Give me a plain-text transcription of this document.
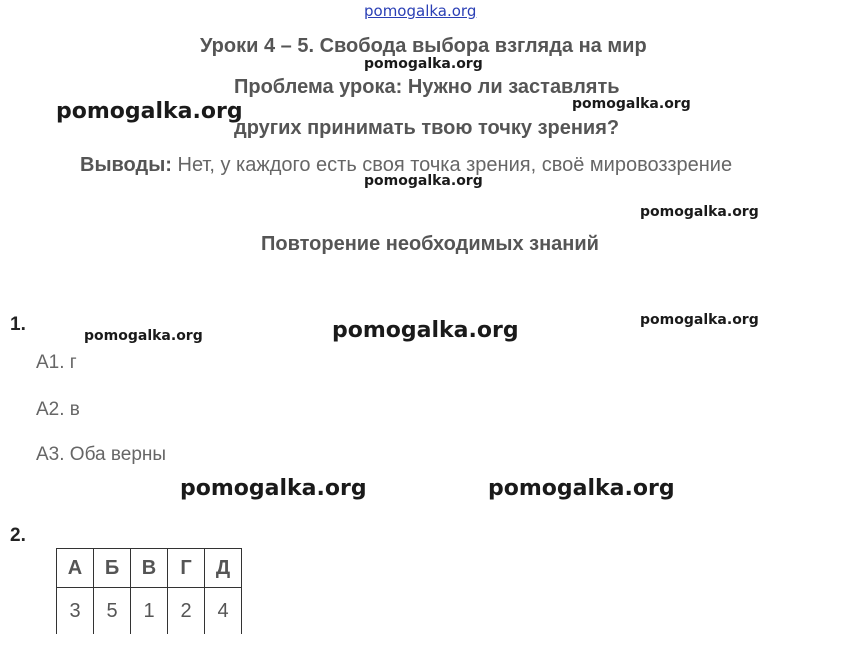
pomogalka.org
pomogalka.org
pomogalka.org	pomogalka.org
pomogalka.org
pomogalka.org
pomogalka.org	pomogalka.org	pomogalka.org
pomogalka.org	pomogalka.org
Уроки 4 – 5. Свобода выбора взгляда на мир
Проблема урока: Нужно ли заставлять
других принимать твою точку зрения?
Выводы: Нет, у каждого есть своя точка зрения, своё мировоззрение
Повторение необходимых знаний
1.
А1. г
А2. в
А3. Оба верны
2.
А	Б	В	Г	Д
3	5	1	2	4
